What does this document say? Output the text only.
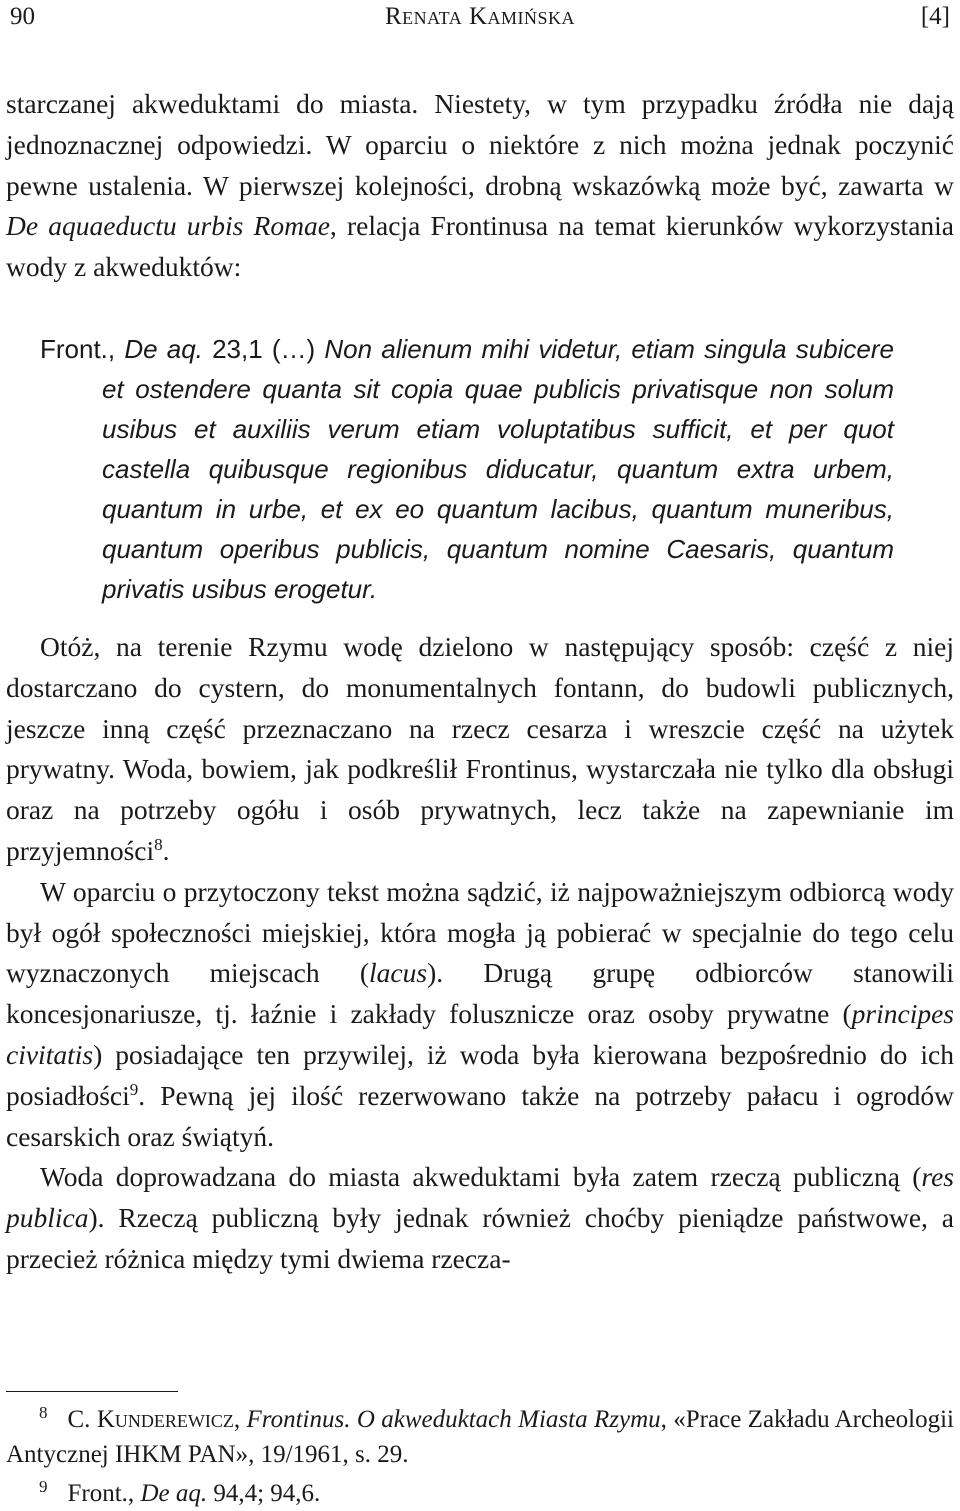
90	Renata Kamińska	[4]

starczanej akweduktami do miasta. Niestety, w tym przypadku źródła nie dają jednoznacznej odpowiedzi. W oparciu o niektóre z nich można jednak poczynić pewne ustalenia. W pierwszej kolejności, drobną wskazówką może być, zawarta w De aquaeductu urbis Romae, relacja Frontinusa na temat kierunków wykorzystania wody z akweduktów:

Front., De aq. 23,1 (…) Non alienum mihi videtur, etiam singula subicere et ostendere quanta sit copia quae publicis privatisque non solum usibus et auxiliis verum etiam voluptatibus sufficit, et per quot castella quibusque regionibus diducatur, quantum extra urbem, quantum in urbe, et ex eo quantum lacibus, quantum muneribus, quantum operibus publicis, quantum nomine Caesaris, quantum privatis usibus erogetur.

Otóż, na terenie Rzymu wodę dzielono w następujący sposób: część z niej dostarczano do cystern, do monumentalnych fontann, do budowli publicznych, jeszcze inną część przeznaczano na rzecz cesarza i wreszcie część na użytek prywatny. Woda, bowiem, jak podkreślił Frontinus, wystarczała nie tylko dla obsługi oraz na potrzeby ogółu i osób prywatnych, lecz także na zapewnianie im przyjemności$^8$.

W oparciu o przytoczony tekst można sądzić, iż najpoważniejszym odbiorcą wody był ogół społeczności miejskiej, która mogła ją pobierać w specjalnie do tego celu wyznaczonych miejscach (lacus). Drugą grupę odbiorców stanowili koncesjonariusze, tj. łaźnie i zakłady folusznicze oraz osoby prywatne (principes civitatis) posiadające ten przywilej, iż woda była kierowana bezpośrednio do ich posiadłości$^9$. Pewną jej ilość rezerwowano także na potrzeby pałacu i ogrodów cesarskich oraz świątyń.

Woda doprowadzana do miasta akweduktami była zatem rzeczą publiczną (res publica). Rzeczą publiczną były jednak również choćby pieniądze państwowe, a przecież różnica między tymi dwiema rzecza-

$^8$ C. Kunderewicz, Frontinus. O akweduktach Miasta Rzymu, «Prace Zakładu Archeologii Antycznej IHKM PAN», 19/1961, s. 29.
$^9$ Front., De aq. 94,4; 94,6.
